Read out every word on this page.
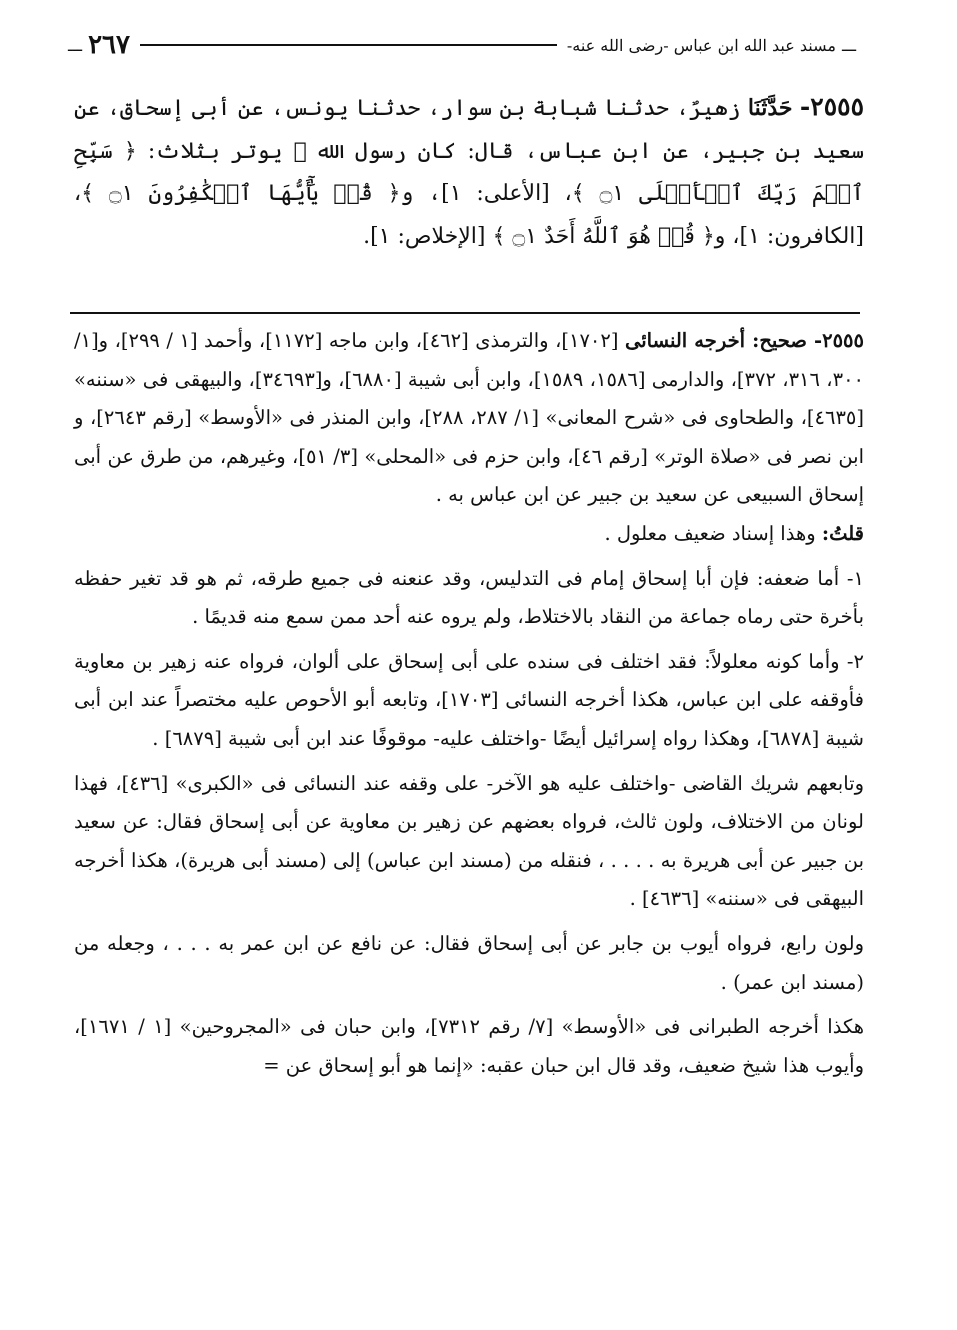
ـــ
مسند عبد الله ابن عباس -رضى الله عنه-
٢٦٧
ـــ

٢٥٥٥- حَدَّثَنَا زهيرٌ، حدثنا شبابة بن سوار، حدثنا يونس، عن أبى إسحاق، عن سعيد بن جبير، عن ابن عباس، قال: كان رسول الله ﷺ يوتر بثلاث: ﴿ سَبِّحِ ٱسۡمَ رَبِّكَ ٱلۡأَعۡلَى ۝١ ﴾، [الأعلى: ١]، و﴿ قُلۡ يَٰٓأَيُّهَا ٱلۡكَٰفِرُونَ ۝١ ﴾، [الكافرون: ١]، و﴿ قُلۡ هُوَ ٱللَّهُ أَحَدٌ ۝١ ﴾ [الإخلاص: ١].

٢٥٥٥- صحيح: أخرجه النسائى [١٧٠٢]، والترمذى [٤٦٢]، وابن ماجه [١١٧٢]، وأحمد [١ / ٢٩٩]، و[١/ ٣٠٠، ٣١٦، ٣٧٢]، والدارمى [١٥٨٦، ١٥٨٩]، وابن أبى شيبة [٦٨٨٠]، و[٣٤٦٩٣]، والبيهقى فى «سننه» [٤٦٣٥]، والطحاوى فى «شرح المعانى» [١/ ٢٨٧، ٢٨٨]، وابن المنذر فى «الأوسط» [رقم ٢٦٤٣]، و ابن نصر فى «صلاة الوتر» [رقم ٤٦]، وابن حزم فى «المحلى» [٣/ ٥١]، وغيرهم، من طرق عن أبى إسحاق السبيعى عن سعيد بن جبير عن ابن عباس به .

قلتُ: وهذا إسناد ضعيف معلول .

١- أما ضعفه: فإن أبا إسحاق إمام فى التدليس، وقد عنعنه فى جميع طرقه، ثم هو قد تغير حفظه بأخرة حتى رماه جماعة من النقاد بالاختلاط، ولم يروه عنه أحد ممن سمع منه قديمًا .

٢- وأما كونه معلولاً: فقد اختلف فى سنده على أبى إسحاق على ألوان، فرواه عنه زهير بن معاوية فأوقفه على ابن عباس، هكذا أخرجه النسائى [١٧٠٣]، وتابعه أبو الأحوص عليه مختصراً عند ابن أبى شيبة [٦٨٧٨]، وهكذا رواه إسرائيل أيضًا -واختلف عليه- موقوفًا عند ابن أبى شيبة [٦٨٧٩] .

وتابعهم شريك القاضى -واختلف عليه هو الآخر- على وقفه عند النسائى فى «الكبرى» [٤٣٦]، فهذا لونان من الاختلاف، ولون ثالث، فرواه بعضهم عن زهير بن معاوية عن أبى إسحاق فقال: عن سعيد بن جبير عن أبى هريرة به . . . . ، فنقله من (مسند ابن عباس) إلى (مسند أبى هريرة)، هكذا أخرجه البيهقى فى «سننه» [٤٦٣٦] .

ولون رابع، فرواه أيوب بن جابر عن أبى إسحاق فقال: عن نافع عن ابن عمر به . . . ، وجعله من (مسند ابن عمر) .

هكذا أخرجه الطبرانى فى «الأوسط» [٧/ رقم ٧٣١٢]، وابن حبان فى «المجروحين» [١ / ١٦٧١]، وأيوب هذا شيخ ضعيف، وقد قال ابن حبان عقبه: «إنما هو أبو إسحاق عن =
